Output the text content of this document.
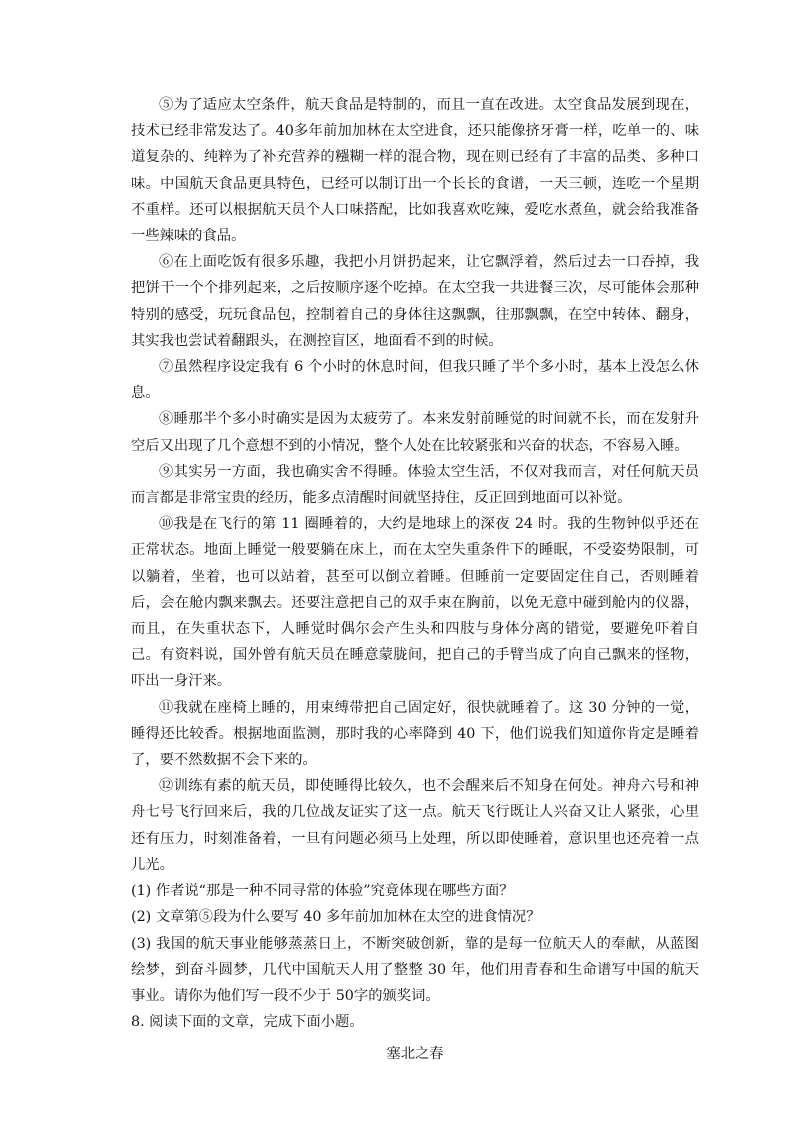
⑤为了适应太空条件，航天食品是特制的，而且一直在改进。太空食品发展到现在，技术已经非常发达了。40多年前加加林在太空进食，还只能像挤牙膏一样，吃单一的、味道复杂的、纯粹为了补充营养的糨糊一样的混合物，现在则已经有了丰富的品类、多种口味。中国航天食品更具特色，已经可以制订出一个长长的食谱，一天三顿，连吃一个星期不重样。还可以根据航天员个人口味搭配，比如我喜欢吃辣，爱吃水煮鱼，就会给我准备一些辣味的食品。

⑥在上面吃饭有很多乐趣，我把小月饼扔起来，让它飘浮着，然后过去一口吞掉，我把饼干一个个排列起来，之后按顺序逐个吃掉。在太空我一共进餐三次，尽可能体会那种特别的感受，玩玩食品包，控制着自己的身体往这飘飘，往那飘飘，在空中转体、翻身，其实我也尝试着翻跟头，在测控盲区，地面看不到的时候。

⑦虽然程序设定我有 6 个小时的休息时间，但我只睡了半个多小时，基本上没怎么休息。

⑧睡那半个多小时确实是因为太疲劳了。本来发射前睡觉的时间就不长，而在发射升空后又出现了几个意想不到的小情况，整个人处在比较紧张和兴奋的状态，不容易入睡。

⑨其实另一方面，我也确实舍不得睡。体验太空生活，不仅对我而言，对任何航天员而言都是非常宝贵的经历，能多点清醒时间就坚持住，反正回到地面可以补觉。

⑩我是在飞行的第 11 圈睡着的，大约是地球上的深夜 24 时。我的生物钟似乎还在正常状态。地面上睡觉一般要躺在床上，而在太空失重条件下的睡眠，不受姿势限制，可以躺着，坐着，也可以站着，甚至可以倒立着睡。但睡前一定要固定住自己，否则睡着后，会在舱内飘来飘去。还要注意把自己的双手束在胸前，以免无意中碰到舱内的仪器，而且，在失重状态下，人睡觉时偶尔会产生头和四肢与身体分离的错觉，要避免吓着自己。有资料说，国外曾有航天员在睡意蒙胧间，把自己的手臂当成了向自己飘来的怪物，吓出一身汗来。

⑪我就在座椅上睡的，用束缚带把自己固定好，很快就睡着了。这 30 分钟的一觉，睡得还比较香。根据地面监测，那时我的心率降到 40 下，他们说我们知道你肯定是睡着了，要不然数据不会下来的。

⑫训练有素的航天员，即使睡得比较久，也不会醒来后不知身在何处。神舟六号和神舟七号飞行回来后，我的几位战友证实了这一点。航天飞行既让人兴奋又让人紧张，心里还有压力，时刻准备着，一旦有问题必须马上处理，所以即使睡着，意识里也还亮着一点儿光。

(1) 作者说“那是一种不同寻常的体验”究竟体现在哪些方面？

(2) 文章第⑤段为什么要写 40 多年前加加林在太空的进食情况？

(3) 我国的航天事业能够蒸蒸日上，不断突破创新，靠的是每一位航天人的奉献，从蓝图绘梦，到奋斗圆梦，几代中国航天人用了整整 30 年，他们用青春和生命谱写中国的航天事业。请你为他们写一段不少于 50字的颁奖词。

8. 阅读下面的文章，完成下面小题。

塞北之春
